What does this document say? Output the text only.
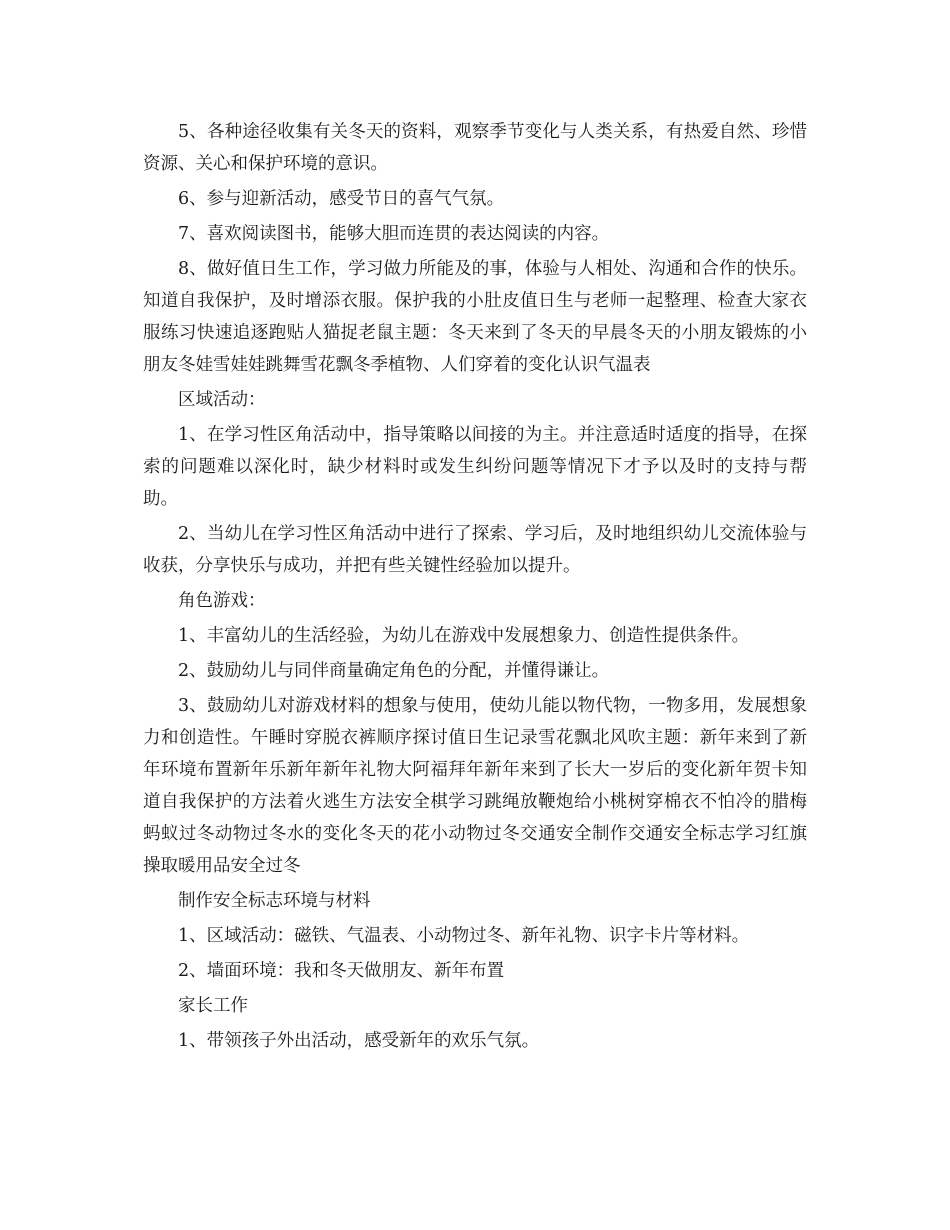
5、各种途径收集有关冬天的资料，观察季节变化与人类关系，有热爱自然、珍惜资源、关心和保护环境的意识。

6、参与迎新活动，感受节日的喜气气氛。

7、喜欢阅读图书，能够大胆而连贯的表达阅读的内容。

8、做好值日生工作，学习做力所能及的事，体验与人相处、沟通和合作的快乐。知道自我保护，及时增添衣服。保护我的小肚皮值日生与老师一起整理、检查大家衣服练习快速追逐跑贴人猫捉老鼠主题：冬天来到了冬天的早晨冬天的小朋友锻炼的小朋友冬娃雪娃娃跳舞雪花飘冬季植物、人们穿着的变化认识气温表

区域活动：

1、在学习性区角活动中，指导策略以间接的为主。并注意适时适度的指导，在探索的问题难以深化时，缺少材料时或发生纠纷问题等情况下才予以及时的支持与帮助。

2、当幼儿在学习性区角活动中进行了探索、学习后，及时地组织幼儿交流体验与收获，分享快乐与成功，并把有些关键性经验加以提升。

角色游戏：

1、丰富幼儿的生活经验，为幼儿在游戏中发展想象力、创造性提供条件。

2、鼓励幼儿与同伴商量确定角色的分配，并懂得谦让。

3、鼓励幼儿对游戏材料的想象与使用，使幼儿能以物代物，一物多用，发展想象力和创造性。午睡时穿脱衣裤顺序探讨值日生记录雪花飘北风吹主题：新年来到了新年环境布置新年乐新年新年礼物大阿福拜年新年来到了长大一岁后的变化新年贺卡知道自我保护的方法着火逃生方法安全棋学习跳绳放鞭炮给小桃树穿棉衣不怕冷的腊梅蚂蚁过冬动物过冬水的变化冬天的花小动物过冬交通安全制作交通安全标志学习红旗操取暖用品安全过冬

制作安全标志环境与材料

1、区域活动：磁铁、气温表、小动物过冬、新年礼物、识字卡片等材料。

2、墙面环境：我和冬天做朋友、新年布置

家长工作

1、带领孩子外出活动，感受新年的欢乐气氛。
